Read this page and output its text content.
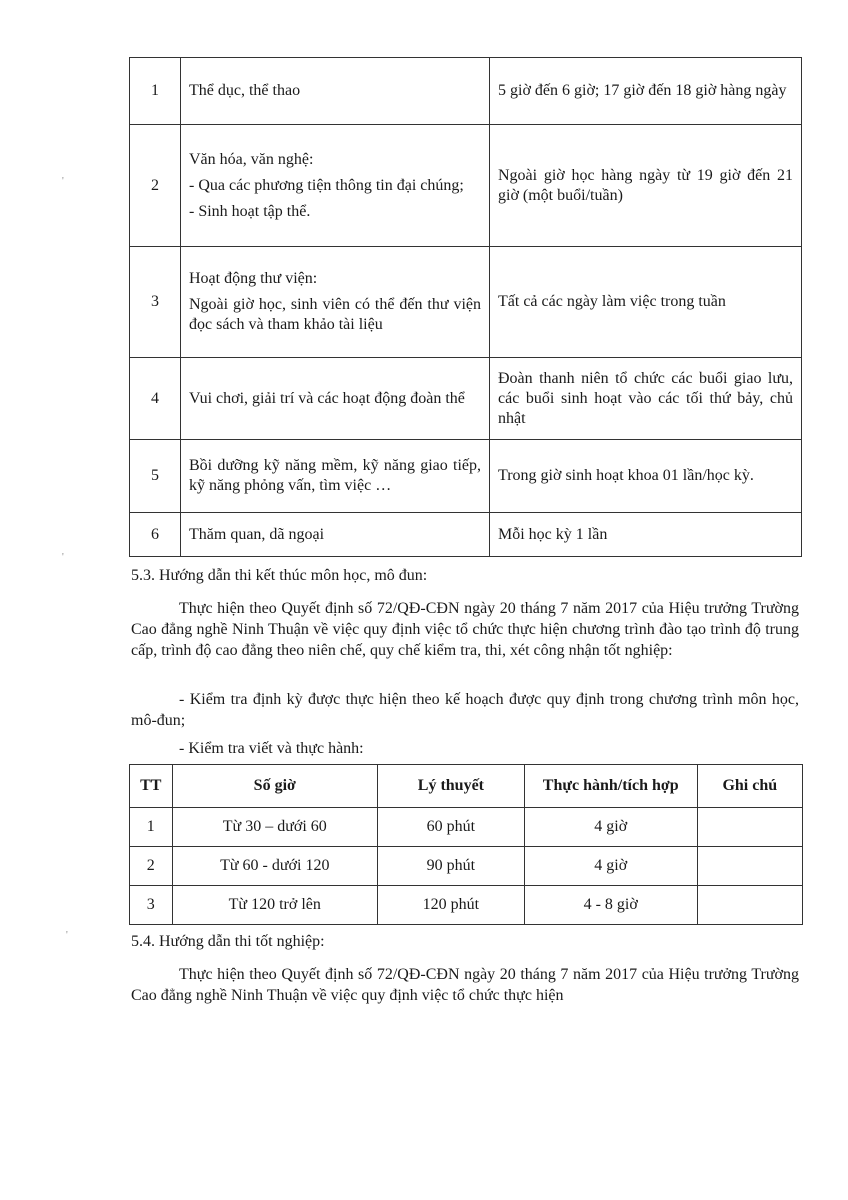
1	Thể dục, thể thao	5 giờ đến 6 giờ; 17 giờ đến 18 giờ hàng ngày
2	Văn hóa, văn nghệ:

- Qua các phương tiện thông tin đại chúng;

- Sinh hoạt tập thể.	Ngoài giờ học hàng ngày từ 19 giờ đến 21 giờ (một buổi/tuần)
3	Hoạt động thư viện:

Ngoài giờ học, sinh viên có thể đến thư viện đọc sách và tham khảo tài liệu	Tất cả các ngày làm việc trong tuần
4	Vui chơi, giải trí và các hoạt động đoàn thể	Đoàn thanh niên tổ chức các buổi giao lưu, các buổi sinh hoạt vào các tối thứ bảy, chủ nhật
5	Bồi dưỡng kỹ năng mềm, kỹ năng giao tiếp, kỹ năng phỏng vấn, tìm việc …	Trong giờ sinh hoạt khoa 01 lần/học kỳ.
6	Thăm quan, dã ngoại	Mỗi học kỳ 1 lần

5.3. Hướng dẫn thi kết thúc môn học, mô đun:

Thực hiện theo Quyết định số 72/QĐ-CĐN ngày 20 tháng 7 năm 2017 của Hiệu trưởng Trường Cao đẳng nghề Ninh Thuận về việc quy định việc tổ chức thực hiện chương trình đào tạo trình độ trung cấp, trình độ cao đẳng theo niên chế, quy chế kiểm tra, thi, xét công nhận tốt nghiệp:

- Kiểm tra định kỳ được thực hiện theo kế hoạch được quy định trong chương trình môn học, mô-đun;

- Kiểm tra viết và thực hành:

TT	Số giờ	Lý thuyết	Thực hành/tích hợp	Ghi chú
1	Từ 30 – dưới 60	60 phút	4 giờ	
2	Từ 60 - dưới 120	90 phút	4 giờ	
3	Từ 120 trở lên	120 phút	4 - 8 giờ	

5.4. Hướng dẫn thi tốt nghiệp:

Thực hiện theo Quyết định số 72/QĐ-CĐN ngày 20 tháng 7 năm 2017 của Hiệu trưởng Trường Cao đẳng nghề Ninh Thuận về việc quy định việc tổ chức thực hiện

'
'
'
